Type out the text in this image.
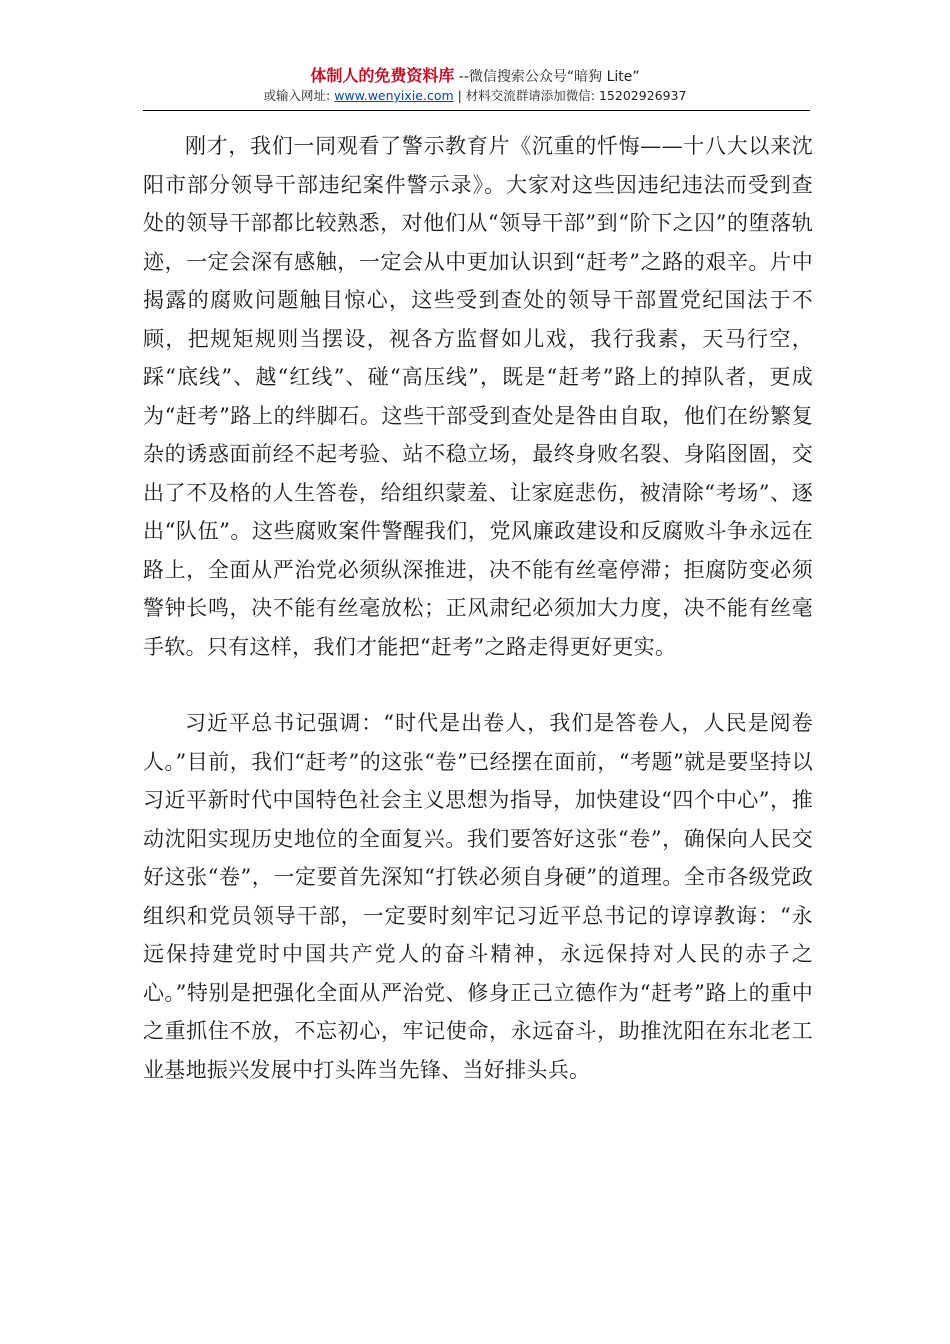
体制人的免费资料库 --微信搜索公众号“暗狗 Lite”
或输入网址: www.wenyixie.com | 材料交流群请添加微信: 15202926937

刚才，我们一同观看了警示教育片《沉重的忏悔——十八大以来沈阳市部分领导干部违纪案件警示录》。大家对这些因违纪违法而受到查处的领导干部都比较熟悉，对他们从“领导干部”到“阶下之囚”的堕落轨迹，一定会深有感触，一定会从中更加认识到“赶考”之路的艰辛。片中揭露的腐败问题触目惊心，这些受到查处的领导干部置党纪国法于不顾，把规矩规则当摆设，视各方监督如儿戏，我行我素，天马行空，踩“底线”、越“红线”、碰“高压线”，既是“赶考”路上的掉队者，更成为“赶考”路上的绊脚石。这些干部受到查处是咎由自取，他们在纷繁复杂的诱惑面前经不起考验、站不稳立场，最终身败名裂、身陷囹圄，交出了不及格的人生答卷，给组织蒙羞、让家庭悲伤，被清除“考场”、逐出“队伍”。这些腐败案件警醒我们，党风廉政建设和反腐败斗争永远在路上，全面从严治党必须纵深推进，决不能有丝毫停滞；拒腐防变必须警钟长鸣，决不能有丝毫放松；正风肃纪必须加大力度，决不能有丝毫手软。只有这样，我们才能把“赶考”之路走得更好更实。

习近平总书记强调：“时代是出卷人，我们是答卷人，人民是阅卷人。”目前，我们“赶考”的这张“卷”已经摆在面前，“考题”就是要坚持以习近平新时代中国特色社会主义思想为指导，加快建设“四个中心”，推动沈阳实现历史地位的全面复兴。我们要答好这张“卷”，确保向人民交好这张“卷”，一定要首先深知“打铁必须自身硬”的道理。全市各级党政组织和党员领导干部，一定要时刻牢记习近平总书记的谆谆教诲：“永远保持建党时中国共产党人的奋斗精神，永远保持对人民的赤子之心。”特别是把强化全面从严治党、修身正己立德作为“赶考”路上的重中之重抓住不放，不忘初心，牢记使命，永远奋斗，助推沈阳在东北老工业基地振兴发展中打头阵当先锋、当好排头兵。
